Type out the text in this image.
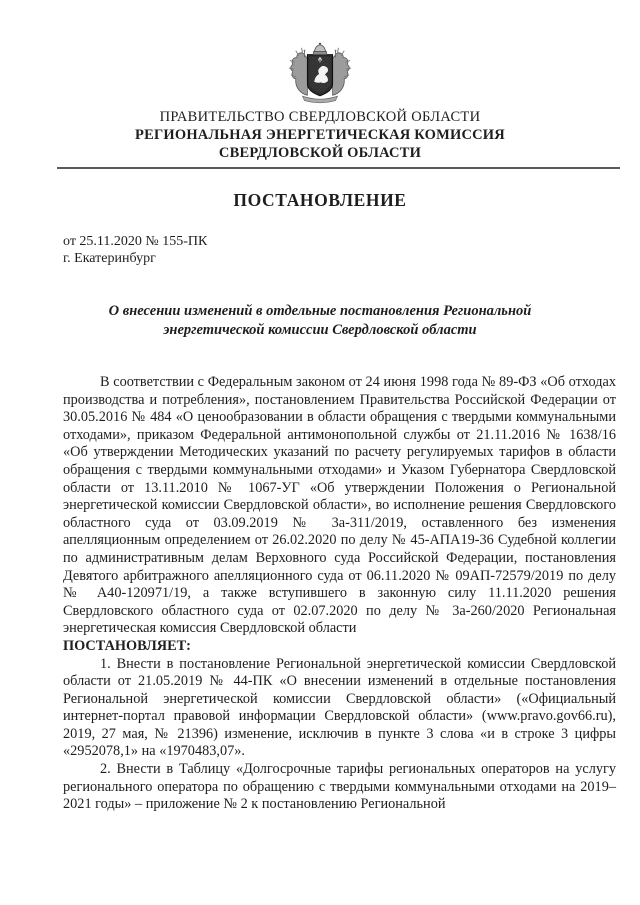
ПРАВИТЕЛЬСТВО СВЕРДЛОВСКОЙ ОБЛАСТИ
РЕГИОНАЛЬНАЯ ЭНЕРГЕТИЧЕСКАЯ КОМИССИЯ
СВЕРДЛОВСКОЙ ОБЛАСТИ
ПОСТАНОВЛЕНИЕ
от 25.11.2020 № 155-ПК
г. Екатеринбург
О внесении изменений в отдельные постановления Региональной энергетической комиссии Свердловской области

В соответствии с Федеральным законом от 24 июня 1998 года № 89-ФЗ «Об отходах производства и потребления», постановлением Правительства Российской Федерации от 30.05.2016 № 484 «О ценообразовании в области обращения с твердыми коммунальными отходами», приказом Федеральной антимонопольной службы от 21.11.2016 № 1638/16 «Об утверждении Методических указаний по расчету регулируемых тарифов в области обращения с твердыми коммунальными отходами» и Указом Губернатора Свердловской области от 13.11.2010 № 1067-УГ «Об утверждении Положения о Региональной энергетической комиссии Свердловской области», во исполнение решения Свердловского областного суда от 03.09.2019 № 3а-311/2019, оставленного без изменения апелляционным определением от 26.02.2020 по делу № 45-АПА19-36 Судебной коллегии по административным делам Верховного суда Российской Федерации, постановления Девятого арбитражного апелляционного суда от 06.11.2020 № 09АП-72579/2019 по делу № А40-120971/19, а также вступившего в законную силу 11.11.2020 решения Свердловского областного суда от 02.07.2020 по делу № 3а-260/2020 Региональная энергетическая комиссия Свердловской области

ПОСТАНОВЛЯЕТ:

1. Внести в постановление Региональной энергетической комиссии Свердловской области от 21.05.2019 № 44-ПК «О внесении изменений в отдельные постановления Региональной энергетической комиссии Свердловской области» («Официальный интернет-портал правовой информации Свердловской области» (www.pravo.gov66.ru), 2019, 27 мая, № 21396) изменение, исключив в пункте 3 слова «и в строке 3 цифры «2952078,1» на «1970483,07».

2. Внести в Таблицу «Долгосрочные тарифы региональных операторов на услугу регионального оператора по обращению с твердыми коммунальными отходами на 2019–2021 годы» – приложение № 2 к постановлению Региональной
